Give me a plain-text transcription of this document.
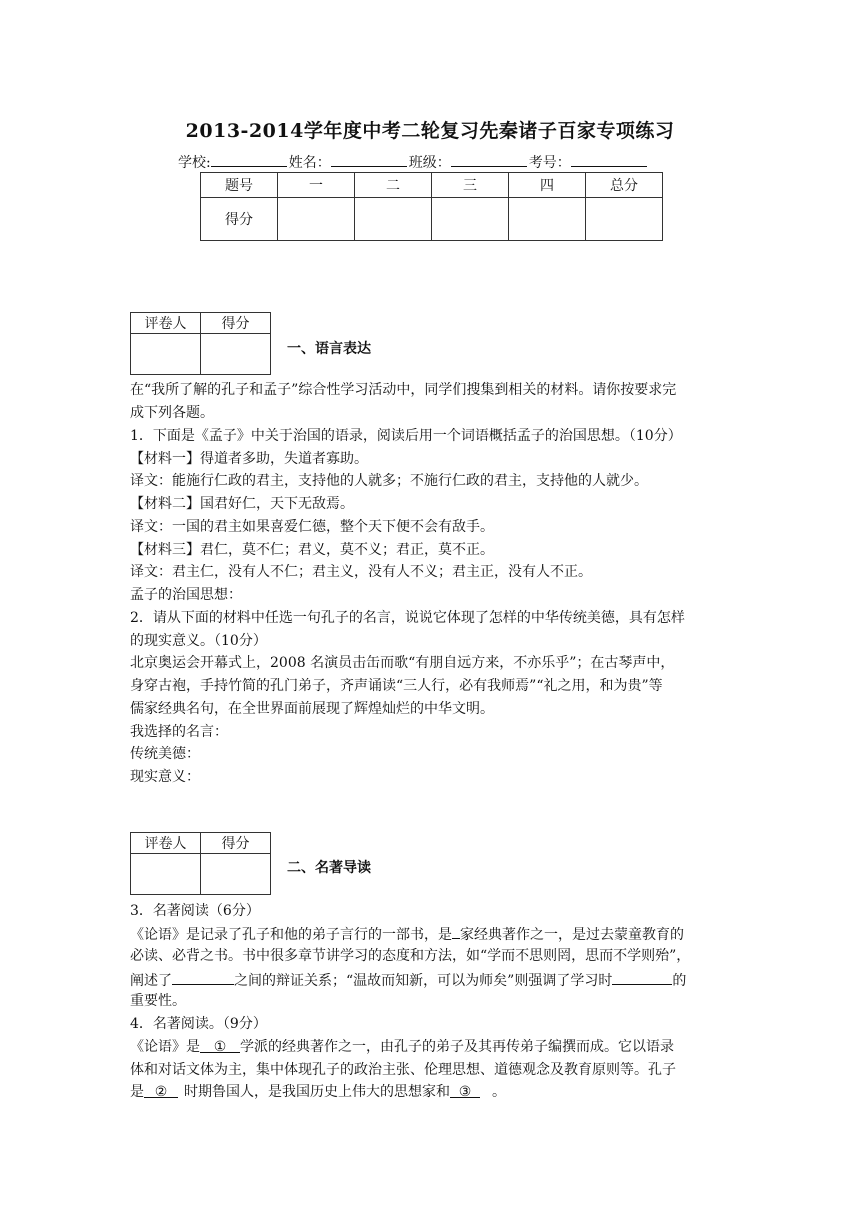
2013-2014学年度中考二轮复习先秦诸子百家专项练习
学校:	姓名：	班级：	考号：
题号	一	二	三	四	总分
得分					
评卷人	得分

一、语言表达
在“我所了解的孔子和孟子”综合性学习活动中，同学们搜集到相关的材料。请你按要求完
成下列各题。
1．下面是《孟子》中关于治国的语录，阅读后用一个词语概括孟子的治国思想。（10分）
【材料一】得道者多助，失道者寡助。
译文：能施行仁政的君主，支持他的人就多；不施行仁政的君主，支持他的人就少。
【材料二】国君好仁，天下无敌焉。
译文：一国的君主如果喜爱仁德，整个天下便不会有敌手。
【材料三】君仁，莫不仁；君义，莫不义；君正，莫不正。
译文：君主仁，没有人不仁；君主义，没有人不义；君主正，没有人不正。
孟子的治国思想：
2．请从下面的材料中任选一句孔子的名言，说说它体现了怎样的中华传统美德，具有怎样
的现实意义。（10分）
北京奥运会开幕式上，2008 名演员击缶而歌“有朋自远方来，不亦乐乎”；在古琴声中，
身穿古袍，手持竹简的孔门弟子，齐声诵读“三人行，必有我师焉”“礼之用，和为贵”等
儒家经典名句，在全世界面前展现了辉煌灿烂的中华文明。
我选择的名言：
传统美德：
现实意义：
评卷人	得分

二、名著导读
3．名著阅读（6分）
《论语》是记录了孔子和他的弟子言行的一部书，是 家经典著作之一，是过去蒙童教育的
必读、必背之书。书中很多章节讲学习的态度和方法，如“学而不思则罔，思而不学则殆”，
阐述了	之间的辩证关系；“温故而知新，可以为师矣”则强调了学习时	的
重要性。
4．名著阅读。（9分）
《论语》是 ① 学派的经典著作之一，由孔子的弟子及其再传弟子编撰而成。它以语录
体和对话文体为主，集中体现孔子的政治主张、伦理思想、道德观念及教育原则等。孔子
是 ② 时期鲁国人，是我国历史上伟大的思想家和 ③ 。
